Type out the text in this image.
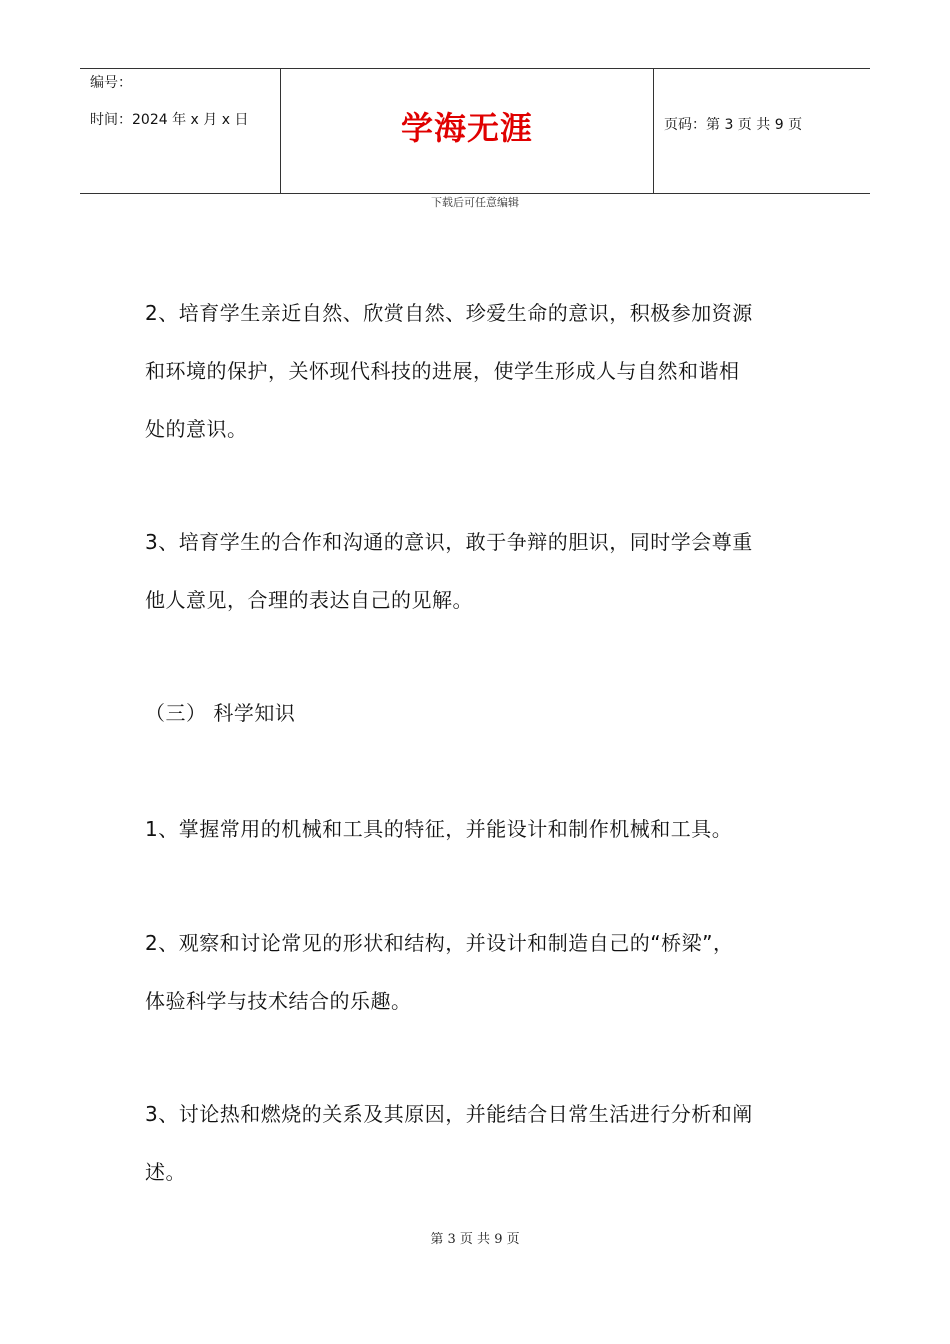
编号：
时间：2024 年 x 月 x 日	学海无涯	页码：第 3 页 共 9 页
下载后可任意编辑

2、培育学生亲近自然、欣赏自然、珍爱生命的意识，积极参加资源

和环境的保护，关怀现代科技的进展，使学生形成人与自然和谐相

处的意识。

3、培育学生的合作和沟通的意识，敢于争辩的胆识，同时学会尊重

他人意见，合理的表达自己的见解。

（三） 科学知识

1、掌握常用的机械和工具的特征，并能设计和制作机械和工具。

2、观察和讨论常见的形状和结构，并设计和制造自己的“桥梁”，

体验科学与技术结合的乐趣。

3、讨论热和燃烧的关系及其原因，并能结合日常生活进行分析和阐

述。

第 3 页 共 9 页
